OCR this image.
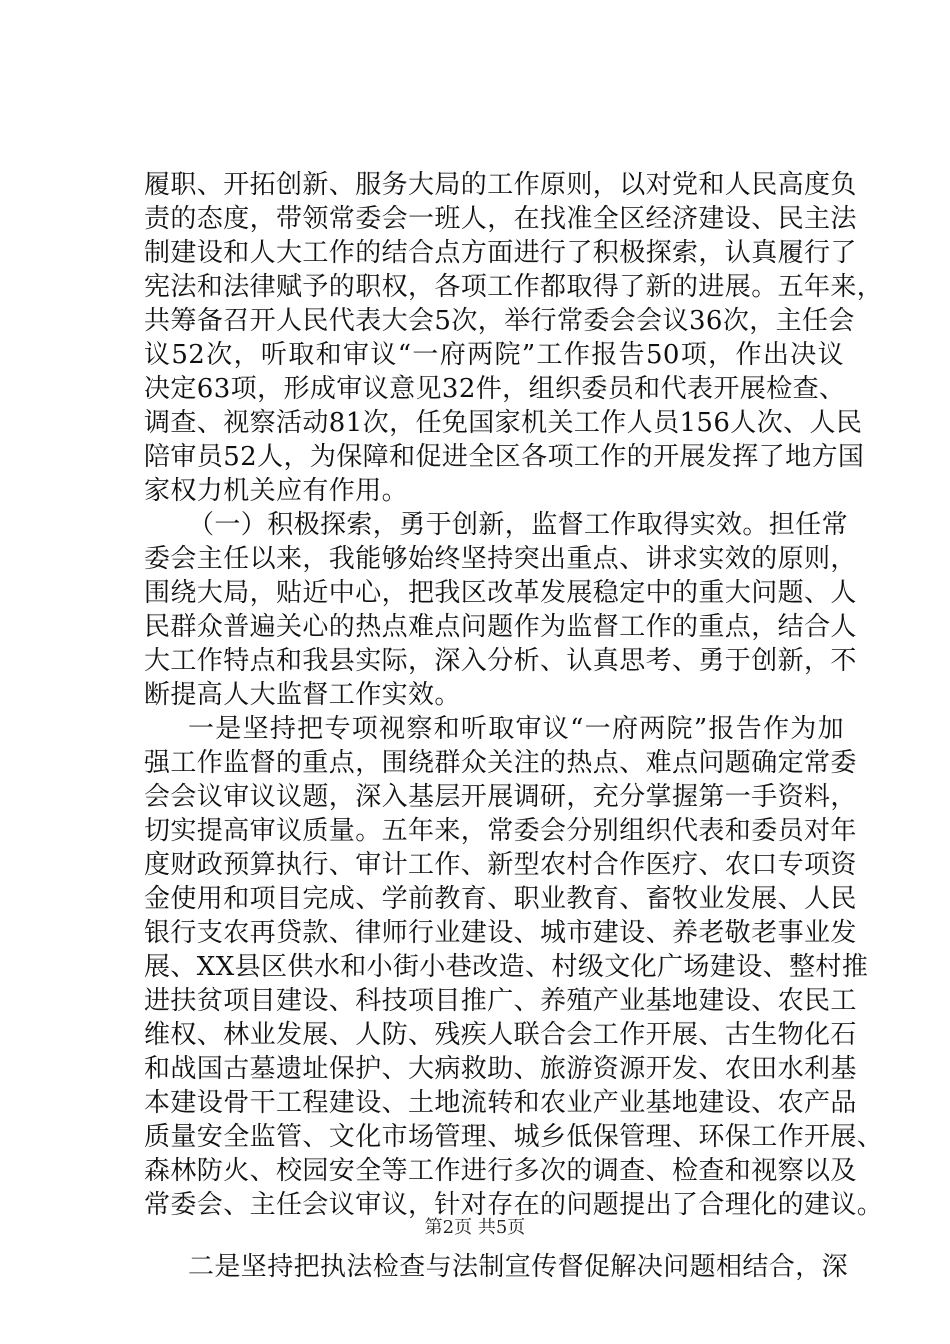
履职、开拓创新、服务大局的工作原则，以对党和人民高度负
责的态度，带领常委会一班人，在找准全区经济建设、民主法
制建设和人大工作的结合点方面进行了积极探索，认真履行了
宪法和法律赋予的职权，各项工作都取得了新的进展。五年来，
共筹备召开人民代表大会5次，举行常委会会议36次，主任会
议52次，听取和审议“一府两院”工作报告50项，作出决议
决定63项，形成审议意见32件，组织委员和代表开展检查、
调查、视察活动81次，任免国家机关工作人员156人次、人民
陪审员52人，为保障和促进全区各项工作的开展发挥了地方国
家权力机关应有作用。
（一）积极探索，勇于创新，监督工作取得实效。担任常
委会主任以来，我能够始终坚持突出重点、讲求实效的原则，
围绕大局，贴近中心，把我区改革发展稳定中的重大问题、人
民群众普遍关心的热点难点问题作为监督工作的重点，结合人
大工作特点和我县实际，深入分析、认真思考、勇于创新，不
断提高人大监督工作实效。
一是坚持把专项视察和听取审议“一府两院”报告作为加
强工作监督的重点，围绕群众关注的热点、难点问题确定常委
会会议审议议题，深入基层开展调研，充分掌握第一手资料，
切实提高审议质量。五年来，常委会分别组织代表和委员对年
度财政预算执行、审计工作、新型农村合作医疗、农口专项资
金使用和项目完成、学前教育、职业教育、畜牧业发展、人民
银行支农再贷款、律师行业建设、城市建设、养老敬老事业发
展、XX县区供水和小街小巷改造、村级文化广场建设、整村推
进扶贫项目建设、科技项目推广、养殖产业基地建设、农民工
维权、林业发展、人防、残疾人联合会工作开展、古生物化石
和战国古墓遗址保护、大病救助、旅游资源开发、农田水利基
本建设骨干工程建设、土地流转和农业产业基地建设、农产品
质量安全监管、文化市场管理、城乡低保管理、环保工作开展、
森林防火、校园安全等工作进行多次的调查、检查和视察以及
常委会、主任会议审议，针对存在的问题提出了合理化的建议。
二是坚持把执法检查与法制宣传督促解决问题相结合，深
第2页 共5页
